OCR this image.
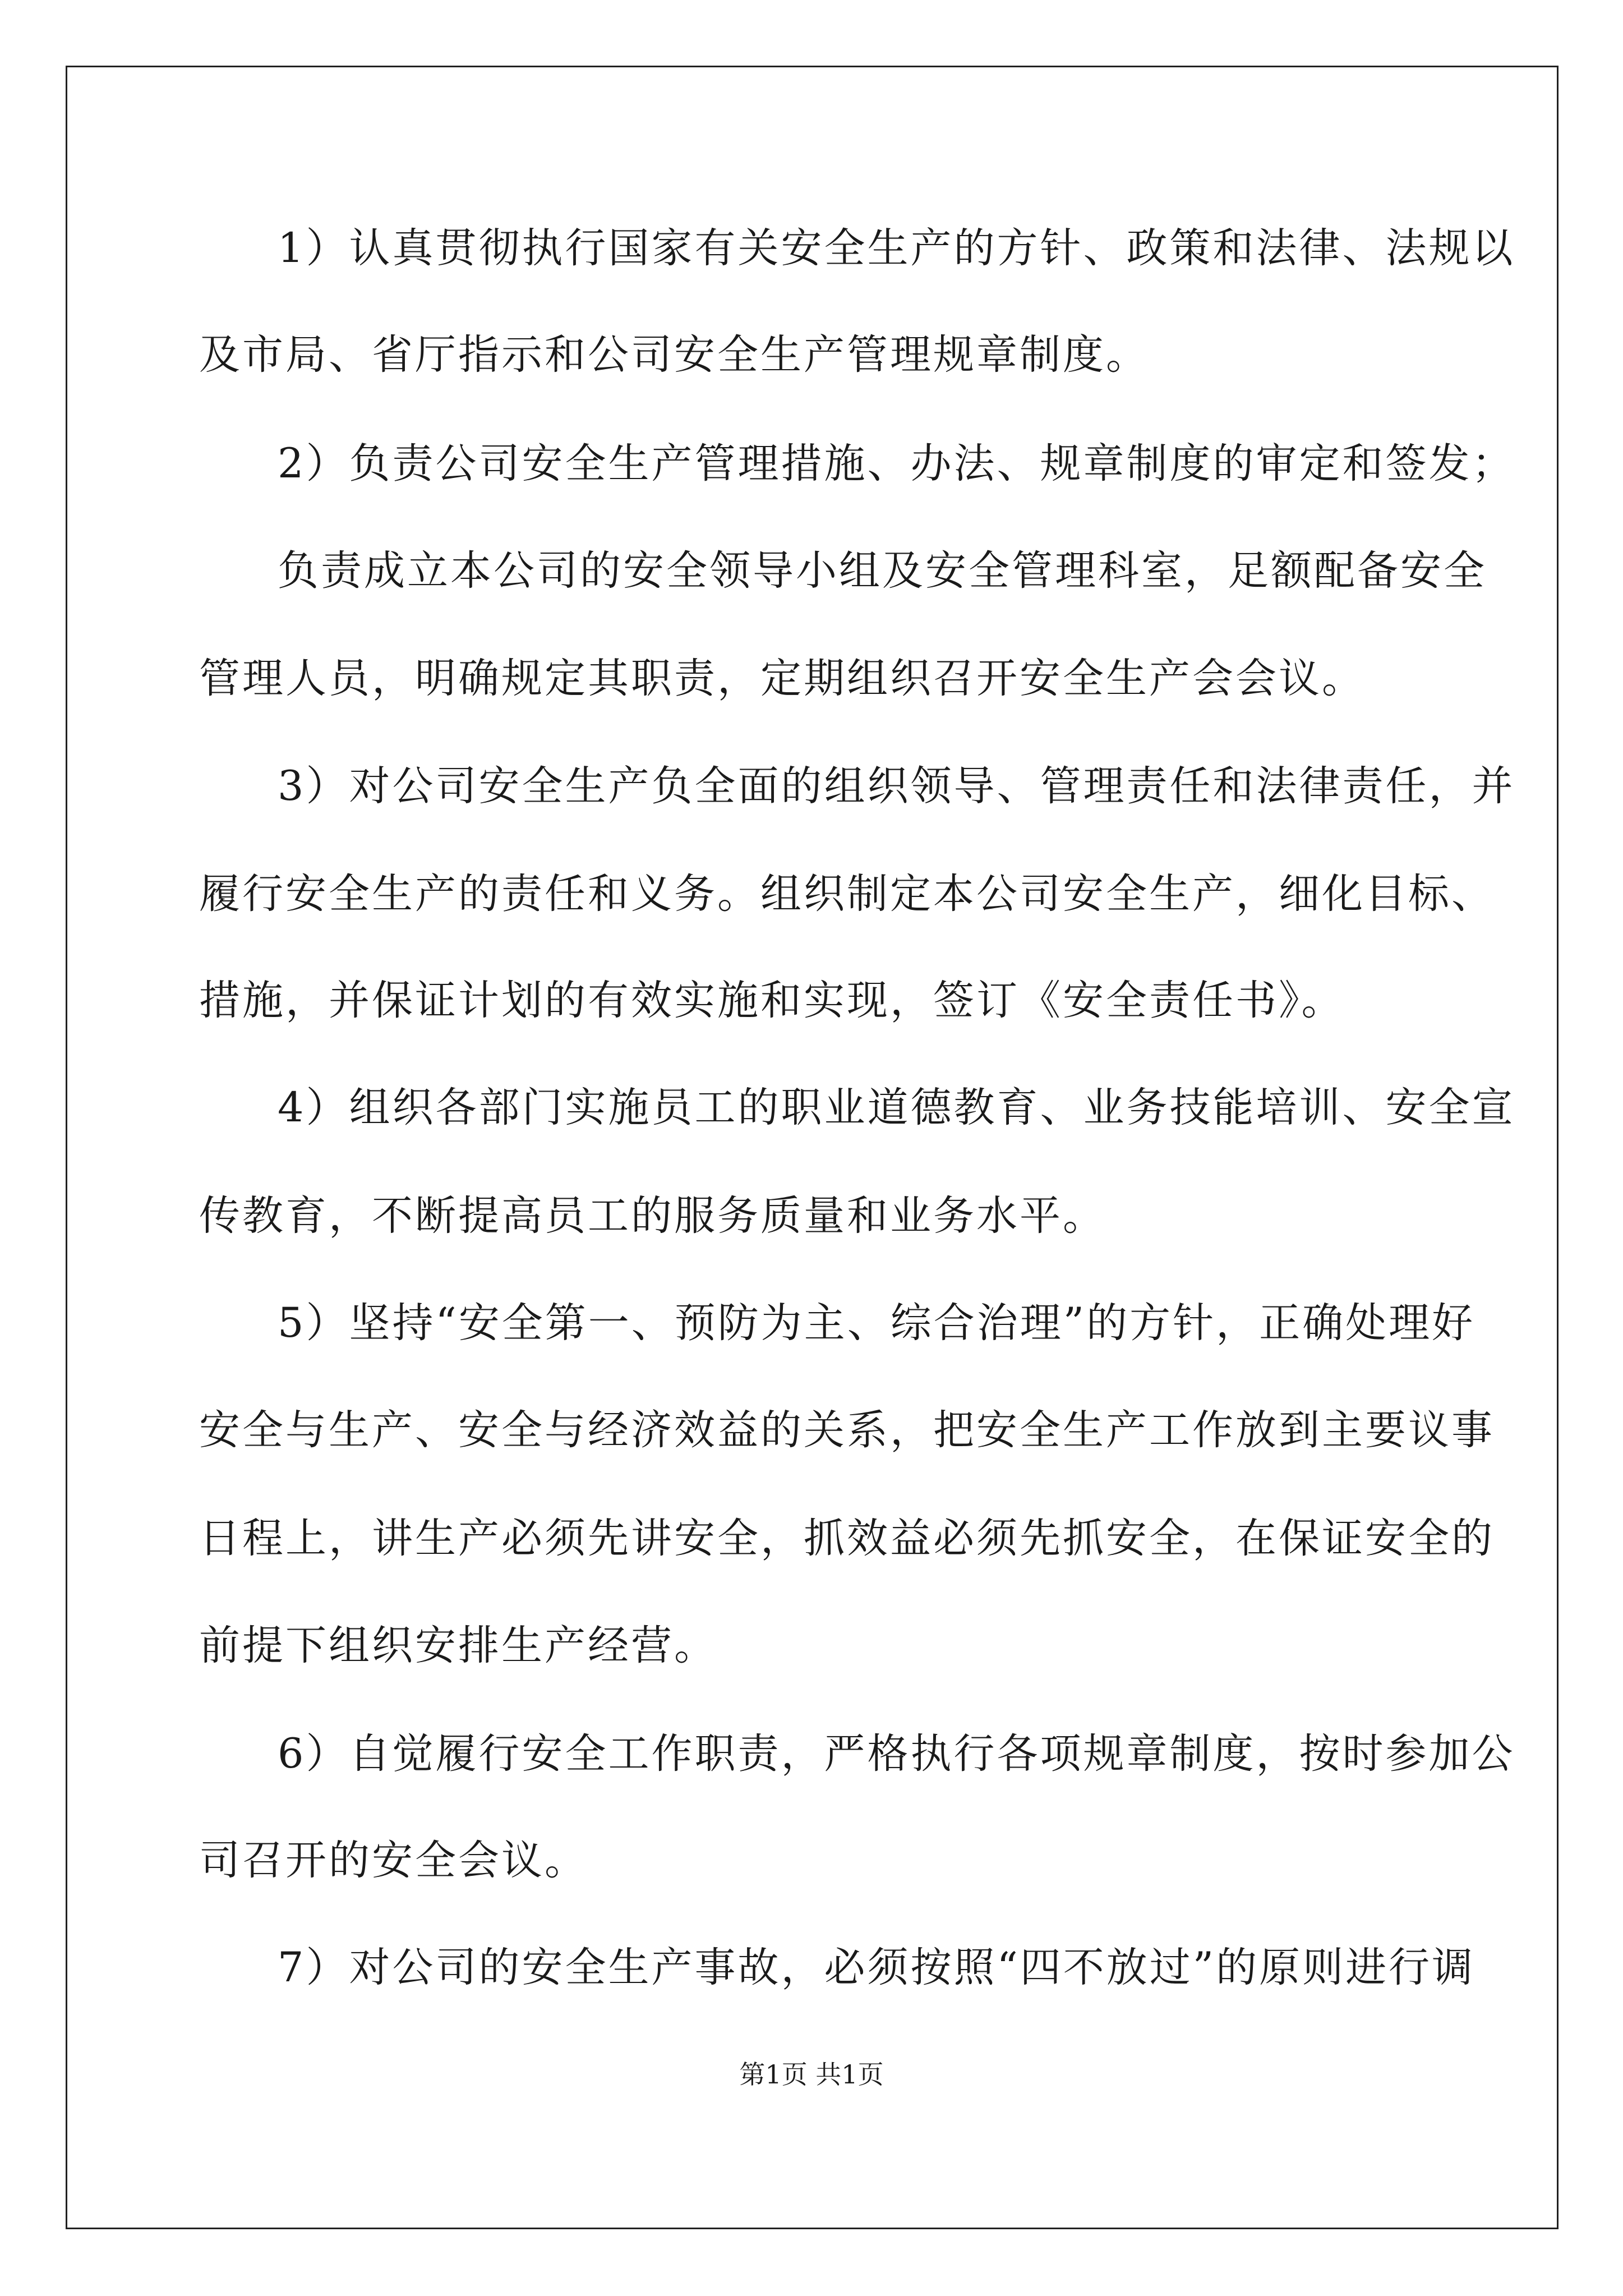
1）认真贯彻执行国家有关安全生产的方针、政策和法律、法规以

及市局、省厅指示和公司安全生产管理规章制度。

2）负责公司安全生产管理措施、办法、规章制度的审定和签发；

负责成立本公司的安全领导小组及安全管理科室，足额配备安全

管理人员，明确规定其职责，定期组织召开安全生产会会议。

3）对公司安全生产负全面的组织领导、管理责任和法律责任，并

履行安全生产的责任和义务。组织制定本公司安全生产，细化目标、

措施，并保证计划的有效实施和实现，签订《安全责任书》。

4）组织各部门实施员工的职业道德教育、业务技能培训、安全宣

传教育，不断提高员工的服务质量和业务水平。

5）坚持“安全第一、预防为主、综合治理”的方针，正确处理好

安全与生产、安全与经济效益的关系，把安全生产工作放到主要议事

日程上，讲生产必须先讲安全，抓效益必须先抓安全，在保证安全的

前提下组织安排生产经营。

6）自觉履行安全工作职责，严格执行各项规章制度，按时参加公

司召开的安全会议。

7）对公司的安全生产事故，必须按照“四不放过”的原则进行调

第1页 共1页
